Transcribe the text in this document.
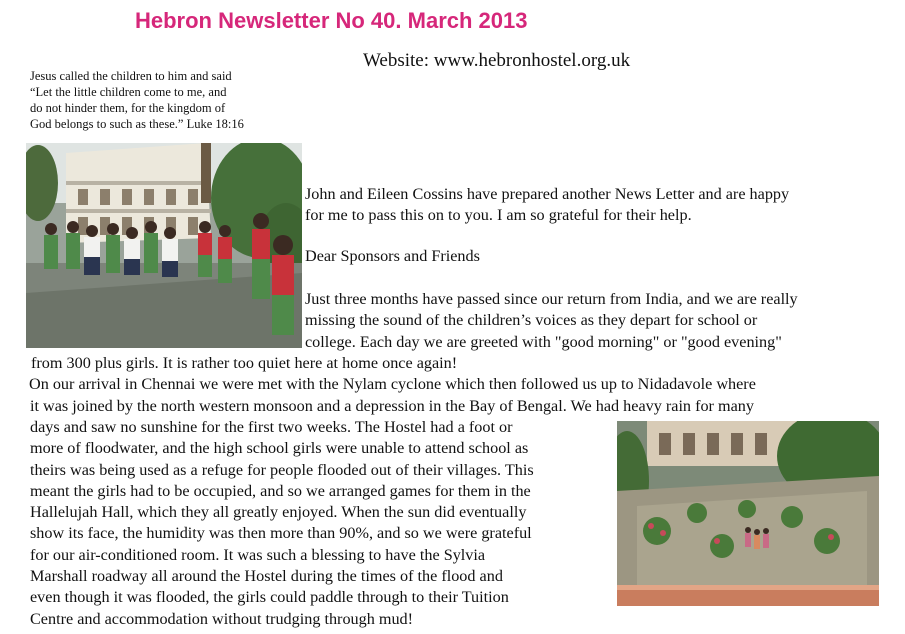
Hebron Newsletter No 40. March 2013
Website: www.hebronhostel.org.uk
Jesus called the children to him and said
“Let the little children come to me, and
do not hinder them, for the kingdom of
God belongs to such as these.” Luke 18:16
John and Eileen Cossins have prepared another News Letter and are happy
for me to pass this on to you. I am so grateful for their help.
Dear Sponsors and Friends
Just three months have passed since our return from India, and we are really
missing the sound of the children’s voices as they depart for school or
college. Each day we are greeted with "good morning" or "good evening"
from 300 plus girls. It is rather too quiet here at home once again!
On our arrival in Chennai we were met with the Nylam cyclone which then followed us up to Nidadavole where
it was joined by the north western monsoon and a depression in the Bay of Bengal. We had heavy rain for many
days and saw no sunshine for the first two weeks. The Hostel had a foot or
more of floodwater, and the high school girls were unable to attend school as
theirs was being used as a refuge for people flooded out of their villages. This
meant the girls had to be occupied, and so we arranged games for them in the
Hallelujah Hall, which they all greatly enjoyed. When the sun did eventually
show its face, the humidity was then more than 90%, and so we were grateful
for our air-conditioned room. It was such a blessing to have the Sylvia
Marshall roadway all around the Hostel during the times of the flood and
even though it was flooded, the girls could paddle through to their Tuition
Centre and accommodation without trudging through mud!
